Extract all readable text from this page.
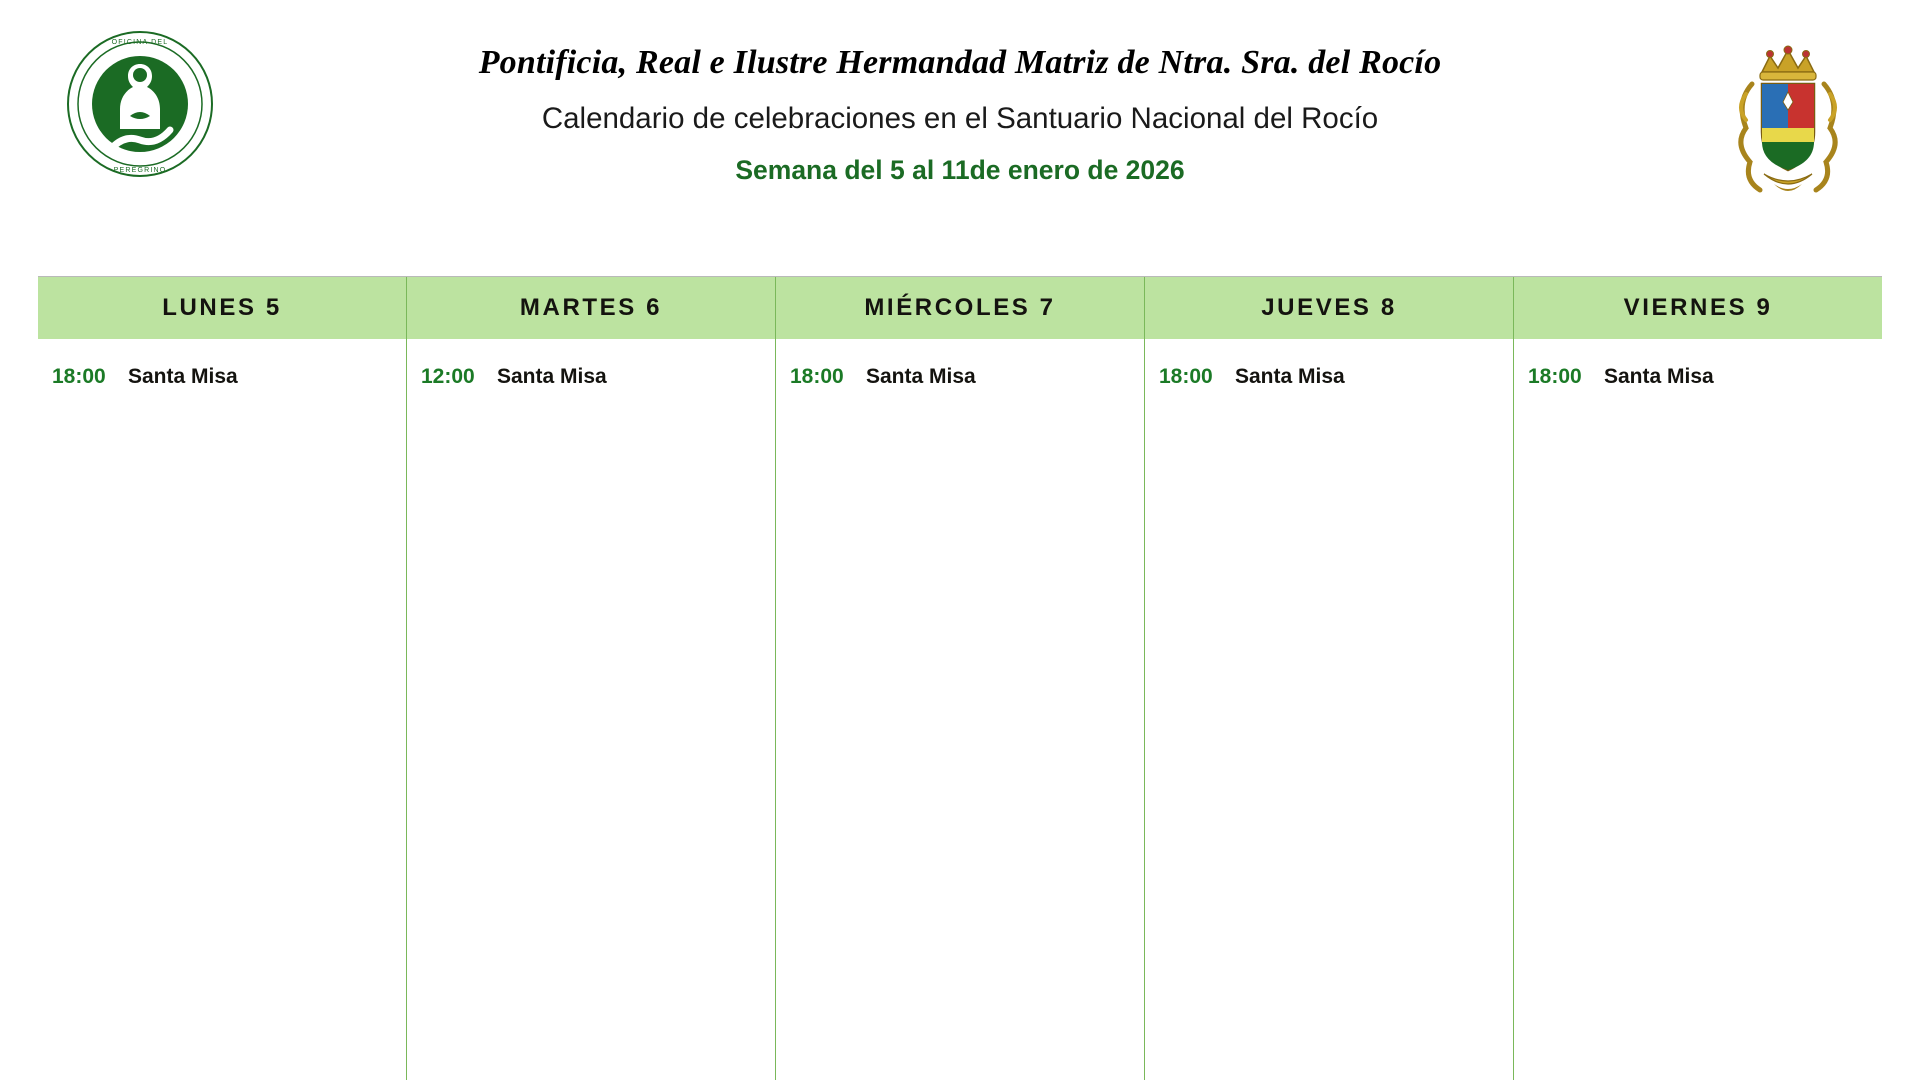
OFICINA DEL
PEREGRINO
Pontificia, Real e Ilustre Hermandad Matriz de Ntra. Sra. del Rocío
Calendario de celebraciones en el Santuario Nacional del Rocío
Semana del 5 al 11de enero de 2026
LUNES 5	MARTES 6	MIÉRCOLES 7	JUEVES 8	VIERNES 9
18:00	Santa Misa	12:00	Santa Misa	18:00	Santa Misa	18:00	Santa Misa	18:00	Santa Misa
